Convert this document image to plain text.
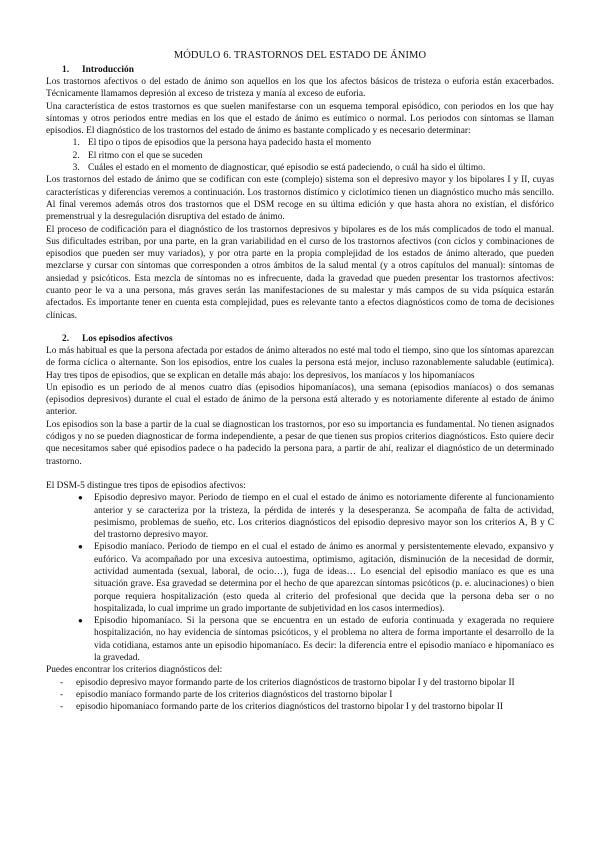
MÓDULO 6. TRASTORNOS DEL ESTADO DE ÁNIMO
1. Introducción

Los trastornos afectivos o del estado de ánimo son aquellos en los que los afectos básicos de tristeza o euforia están exacerbados. Técnicamente llamamos depresión al exceso de tristeza y manía al exceso de euforia.

Una característica de estos trastornos es que suelen manifestarse con un esquema temporal episódico, con periodos en los que hay síntomas y otros periodos entre medias en los que el estado de ánimo es eutímico o normal. Los periodos con síntomas se llaman episodios. El diagnóstico de los trastornos del estado de ánimo es bastante complicado y es necesario determinar:

1. El tipo o tipos de episodios que la persona haya padecido hasta el momento
2. El ritmo con el que se suceden
3. Cuáles el estado en el momento de diagnosticar, qué episodio se está padeciendo, o cuál ha sido el último.

Los trastornos del estado de ánimo que se codifican con este (complejo) sistema son el depresivo mayor y los bipolares I y II, cuyas características y diferencias veremos a continuación. Los trastornos distímico y ciclotímico tienen un diagnóstico mucho más sencillo. Al final veremos además otros dos trastornos que el DSM recoge en su última edición y que hasta ahora no existían, el disfórico premenstrual y la desregulación disruptiva del estado de ánimo.

El proceso de codificación para el diagnóstico de los trastornos depresivos y bipolares es de los más complicados de todo el manual. Sus dificultades estriban, por una parte, en la gran variabilidad en el curso de los trastornos afectivos (con ciclos y combinaciones de episodios que pueden ser muy variados), y por otra parte en la propia complejidad de los estados de ánimo alterado, que pueden mezclarse y cursar con síntomas que corresponden a otros ámbitos de la salud mental (y a otros capítulos del manual): síntomas de ansiedad y psicóticos. Esta mezcla de síntomas no es infrecuente, dada la gravedad que pueden presentar los trastornos afectivos: cuanto peor le va a una persona, más graves serán las manifestaciones de su malestar y más campos de su vida psíquica estarán afectados. Es importante tener en cuenta esta complejidad, pues es relevante tanto a efectos diagnósticos como de toma de decisiones clínicas.

2. Los episodios afectivos

Lo más habitual es que la persona afectada por estados de ánimo alterados no esté mal todo el tiempo, sino que los síntomas aparezcan de forma cíclica o alternante. Son los episodios, entre los cuales la persona está mejor, incluso razonablemente saludable (eutímica). Hay tres tipos de episodios, que se explican en detalle más abajo: los depresivos, los maníacos y los hipomaníacos

Un episodio es un periodo de al menos cuatro días (episodios hipomaníacos), una semana (episodios maníacos) o dos semanas (episodios depresivos) durante el cual el estado de ánimo de la persona está alterado y es notoriamente diferente al estado de ánimo anterior.

Los episodios son la base a partir de la cual se diagnostican los trastornos, por eso su importancia es fundamental. No tienen asignados códigos y no se pueden diagnosticar de forma independiente, a pesar de que tienen sus propios criterios diagnósticos. Esto quiere decir que necesitamos saber qué episodios padece o ha padecido la persona para, a partir de ahí, realizar el diagnóstico de un determinado trastorno.

El DSM-5 distingue tres tipos de episodios afectivos:

● Episodio depresivo mayor. Periodo de tiempo en el cual el estado de ánimo es notoriamente diferente al funcionamiento anterior y se caracteriza por la tristeza, la pérdida de interés y la desesperanza. Se acompaña de falta de actividad, pesimismo, problemas de sueño, etc. Los criterios diagnósticos del episodio depresivo mayor son los criterios A, B y C del trastorno depresivo mayor.
● Episodio maníaco. Periodo de tiempo en el cual el estado de ánimo es anormal y persistentemente elevado, expansivo y eufórico. Va acompañado por una excesiva autoestima, optimismo, agitación, disminución de la necesidad de dormir, actividad aumentada (sexual, laboral, de ocio…), fuga de ideas… Lo esencial del episodio maníaco es que es una situación grave. Esa gravedad se determina por el hecho de que aparezcan síntomas psicóticos (p. e. alucinaciones) o bien porque requiera hospitalización (esto queda al criterio del profesional que decida que la persona deba ser o no hospitalizada, lo cual imprime un grado importante de subjetividad en los casos intermedios).
● Episodio hipomaníaco. Si la persona que se encuentra en un estado de euforia continuada y exagerada no requiere hospitalización, no hay evidencia de síntomas psicóticos, y el problema no altera de forma importante el desarrollo de la vida cotidiana, estamos ante un episodio hipomaníaco. Es decir: la diferencia entre el episodio maníaco e hipomaníaco es la gravedad.

Puedes encontrar los criterios diagnósticos del:

- episodio depresivo mayor formando parte de los criterios diagnósticos de trastorno bipolar I y del trastorno bipolar II
- episodio maníaco formando parte de los criterios diagnósticos del trastorno bipolar I
- episodio hipomaníaco formando parte de los criterios diagnósticos del trastorno bipolar I y del trastorno bipolar II
